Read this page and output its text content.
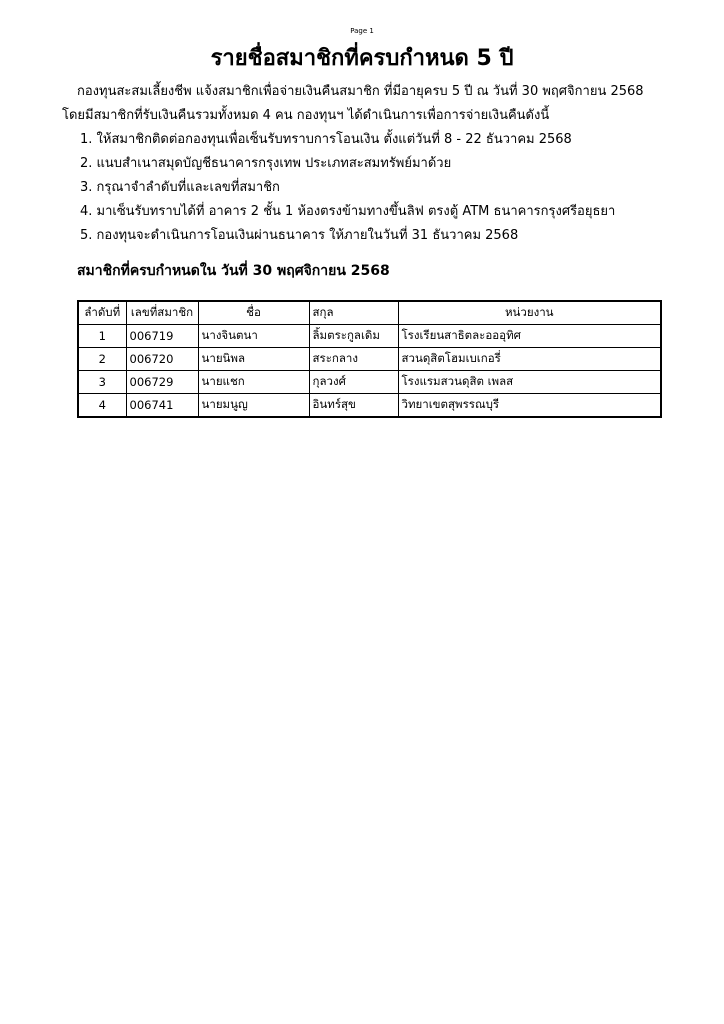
Page 1
รายชื่อสมาชิกที่ครบกำหนด 5 ปี
กองทุนสะสมเลี้ยงชีพ แจ้งสมาชิกเพื่อจ่ายเงินคืนสมาชิก ที่มีอายุครบ 5 ปี ณ วันที่ 30 พฤศจิกายน 2568
โดยมีสมาชิกที่รับเงินคืนรวมทั้งหมด 4 คน กองทุนฯ ได้ดำเนินการเพื่อการจ่ายเงินคืนดังนี้
1. ให้สมาชิกติดต่อกองทุนเพื่อเซ็นรับทราบการโอนเงิน ตั้งแต่วันที่ 8 - 22 ธันวาคม 2568
2. แนบสำเนาสมุดบัญชีธนาคารกรุงเทพ ประเภทสะสมทรัพย์มาด้วย
3. กรุณาจำลำดับที่และเลขที่สมาชิก
4. มาเซ็นรับทราบได้ที่ อาคาร 2 ชั้น 1 ห้องตรงข้ามทางขึ้นลิฟ ตรงตู้ ATM ธนาคารกรุงศรีอยุธยา
5. กองทุนจะดำเนินการโอนเงินผ่านธนาคาร ให้ภายในวันที่ 31 ธันวาคม 2568
สมาชิกที่ครบกำหนดใน วันที่ 30 พฤศจิกายน 2568
ลำดับที่	เลขที่สมาชิก	ชื่อ	สกุล	หน่วยงาน
1	006719	นางจินตนา	ลิ้มตระกูลเดิม	โรงเรียนสาธิตละอออุทิศ
2	006720	นายนิพล	สระกลาง	สวนดุสิตโฮมเบเกอรี่
3	006729	นายแชก	กุลวงศ์	โรงแรมสวนดุสิต เพลส
4	006741	นายมนูญ	อินทร์สุข	วิทยาเขตสุพรรณบุรี
